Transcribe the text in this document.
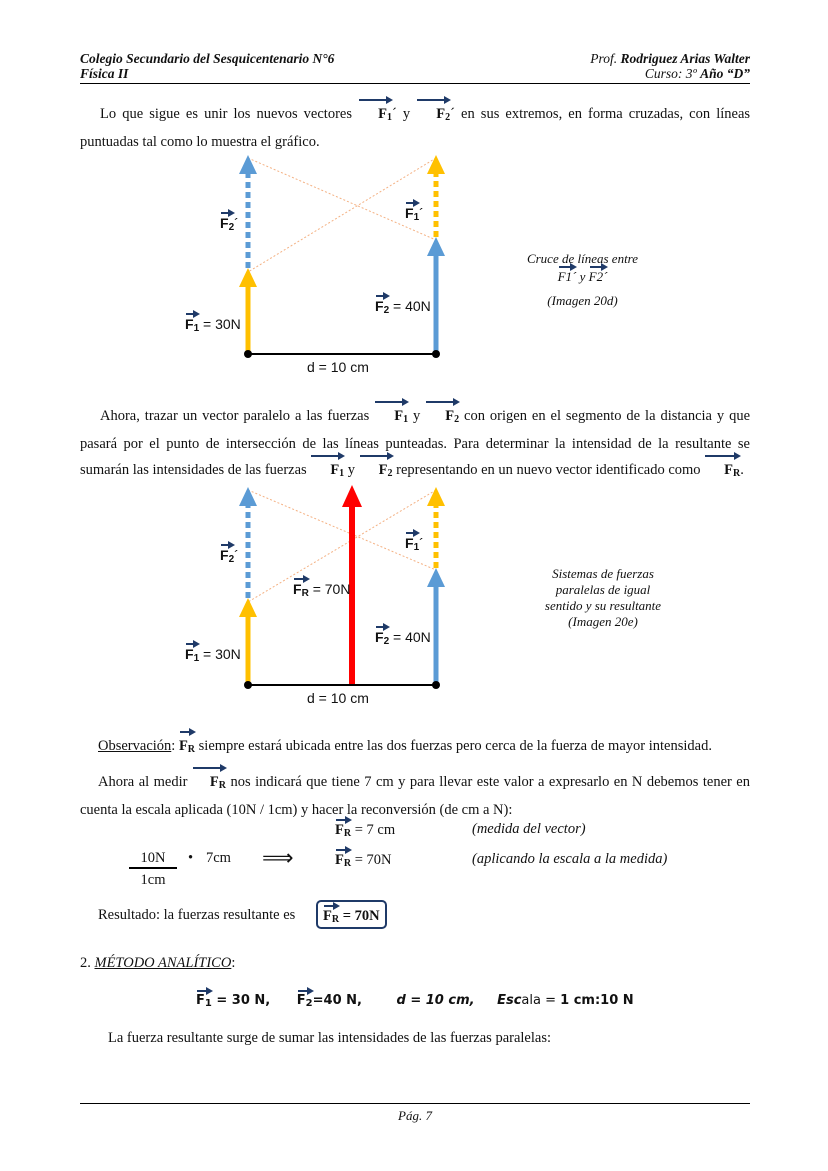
Colegio Secundario del Sesquicentenario N°6
Física II
Prof. Rodriguez Arias Walter
Curso: 3º Año “D”
Lo que sigue es unir los nuevos vectores $F_1´$ y $F_2´$ en sus extremos, en forma cruzadas, con líneas puntuadas tal como lo muestra el gráfico.
$F_2´$
$F_1´$
$F_2 = 40N$
$F_1 = 30N$
d = 10 cm
Cruce de líneas entre
F1´ y F2´
(Imagen 20d)
Ahora, trazar un vector paralelo a las fuerzas $F_1$ y $F_2$ con origen en el segmento de la distancia y que pasará por el punto de intersección de las líneas punteadas. Para determinar la intensidad de la resultante se sumarán las intensidades de las fuerzas $F_1$ y $F_2$ representando en un nuevo vector identificado como $F_R$.
$F_2´$
$F_1´$
$F_R = 70N$
$F_2 = 40N$
$F_1 = 30N$
d = 10 cm
Sistemas de fuerzas
paralelas de igual
sentido y su resultante
(Imagen 20e)
Observación: $F_R$ siempre estará ubicada entre las dos fuerzas pero cerca de la fuerza de mayor intensidad.
Ahora al medir $F_R$ nos indicará que tiene 7 cm y para llevar este valor a expresarlo en N debemos tener en cuenta la escala aplicada (10N / 1cm) y hacer la reconversión (de cm a N):
$F_R = 7$ cm	(medida del vector)
10N
1cm
• 7cm ⟹	$F_R = 70N$	(aplicando la escala a la medida)
Resultado: la fuerzas resultante es	$F_R = 70N$
2. MÉTODO ANALÍTICO:
$F_1 = 30$ N, $F_2=40$ N,	d = 10 cm, Escala = 1 cm:10 N
La fuerza resultante surge de sumar las intensidades de las fuerzas paralelas:
Pág. 7
